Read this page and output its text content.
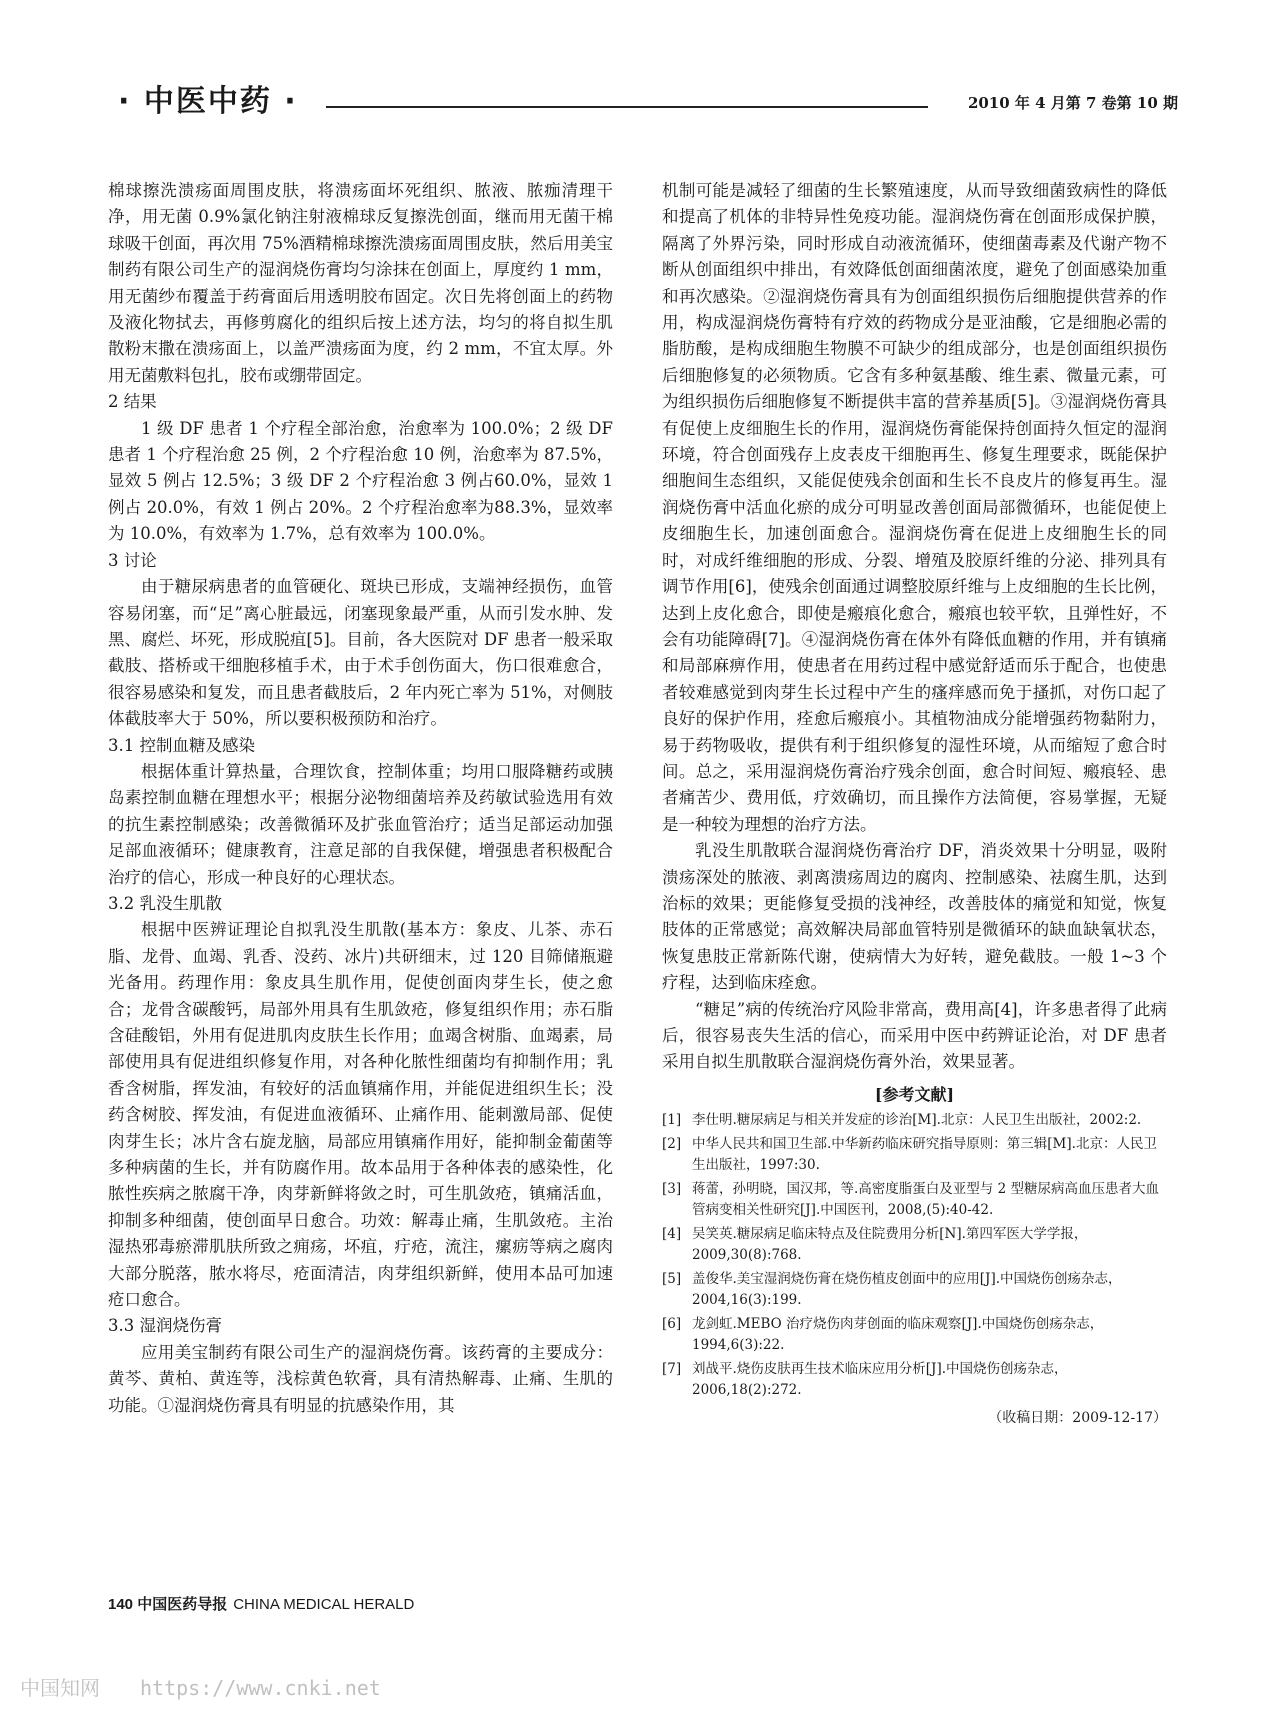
· 中医中药 ·	2010 年 4 月第 7 卷第 10 期

棉球擦洗溃疡面周围皮肤，将溃疡面坏死组织、脓液、脓痂清理干净，用无菌 0.9%氯化钠注射液棉球反复擦洗创面，继而用无菌干棉球吸干创面，再次用 75%酒精棉球擦洗溃疡面周围皮肤，然后用美宝制药有限公司生产的湿润烧伤膏均匀涂抹在创面上，厚度约 1 mm，用无菌纱布覆盖于药膏面后用透明胶布固定。次日先将创面上的药物及液化物拭去，再修剪腐化的组织后按上述方法，均匀的将自拟生肌散粉末撒在溃疡面上，以盖严溃疡面为度，约 2 mm，不宜太厚。外用无菌敷料包扎，胶布或绷带固定。

2 结果

1 级 DF 患者 1 个疗程全部治愈，治愈率为 100.0%；2 级 DF 患者 1 个疗程治愈 25 例，2 个疗程治愈 10 例，治愈率为 87.5%，显效 5 例占 12.5%；3 级 DF 2 个疗程治愈 3 例占60.0%，显效 1 例占 20.0%，有效 1 例占 20%。2 个疗程治愈率为88.3%，显效率为 10.0%，有效率为 1.7%，总有效率为 100.0%。

3 讨论

由于糖尿病患者的血管硬化、斑块已形成，支端神经损伤，血管容易闭塞，而“足”离心脏最远，闭塞现象最严重，从而引发水肿、发黑、腐烂、坏死，形成脱疽[5]。目前，各大医院对 DF 患者一般采取截肢、搭桥或干细胞移植手术，由于术手创伤面大，伤口很难愈合，很容易感染和复发，而且患者截肢后，2 年内死亡率为 51%，对侧肢体截肢率大于 50%，所以要积极预防和治疗。

3.1 控制血糖及感染

根据体重计算热量，合理饮食，控制体重；均用口服降糖药或胰岛素控制血糖在理想水平；根据分泌物细菌培养及药敏试验选用有效的抗生素控制感染；改善微循环及扩张血管治疗；适当足部运动加强足部血液循环；健康教育，注意足部的自我保健，增强患者积极配合治疗的信心，形成一种良好的心理状态。

3.2 乳没生肌散

根据中医辨证理论自拟乳没生肌散(基本方：象皮、儿茶、赤石脂、龙骨、血竭、乳香、没药、冰片)共研细末，过 120 目筛储瓶避光备用。药理作用：象皮具生肌作用，促使创面肉芽生长，使之愈合；龙骨含碳酸钙，局部外用具有生肌敛疮，修复组织作用；赤石脂含硅酸铝，外用有促进肌肉皮肤生长作用；血竭含树脂、血竭素，局部使用具有促进组织修复作用，对各种化脓性细菌均有抑制作用；乳香含树脂，挥发油，有较好的活血镇痛作用，并能促进组织生长；没药含树胶、挥发油，有促进血液循环、止痛作用、能刺激局部、促使肉芽生长；冰片含右旋龙脑，局部应用镇痛作用好，能抑制金葡菌等多种病菌的生长，并有防腐作用。故本品用于各种体表的感染性，化脓性疾病之脓腐干净，肉芽新鲜将敛之时，可生肌敛疮，镇痛活血，抑制多种细菌，使创面早日愈合。功效：解毒止痛，生肌敛疮。主治湿热邪毒瘀滞肌肤所致之痈疡，坏疽，疔疮，流注，瘰疬等病之腐肉大部分脱落，脓水将尽，疮面清洁，肉芽组织新鲜，使用本品可加速疮口愈合。

3.3 湿润烧伤膏

应用美宝制药有限公司生产的湿润烧伤膏。该药膏的主要成分：黄芩、黄柏、黄连等，浅棕黄色软膏，具有清热解毒、止痛、生肌的功能。①湿润烧伤膏具有明显的抗感染作用，其

机制可能是减轻了细菌的生长繁殖速度，从而导致细菌致病性的降低和提高了机体的非特异性免疫功能。湿润烧伤膏在创面形成保护膜，隔离了外界污染，同时形成自动液流循环，使细菌毒素及代谢产物不断从创面组织中排出，有效降低创面细菌浓度，避免了创面感染加重和再次感染。②湿润烧伤膏具有为创面组织损伤后细胞提供营养的作用，构成湿润烧伤膏特有疗效的药物成分是亚油酸，它是细胞必需的脂肪酸，是构成细胞生物膜不可缺少的组成部分，也是创面组织损伤后细胞修复的必须物质。它含有多种氨基酸、维生素、微量元素，可为组织损伤后细胞修复不断提供丰富的营养基质[5]。③湿润烧伤膏具有促使上皮细胞生长的作用，湿润烧伤膏能保持创面持久恒定的湿润环境，符合创面残存上皮表皮干细胞再生、修复生理要求，既能保护细胞间生态组织，又能促使残余创面和生长不良皮片的修复再生。湿润烧伤膏中活血化瘀的成分可明显改善创面局部微循环，也能促使上皮细胞生长，加速创面愈合。湿润烧伤膏在促进上皮细胞生长的同时，对成纤维细胞的形成、分裂、增殖及胶原纤维的分泌、排列具有调节作用[6]，使残余创面通过调整胶原纤维与上皮细胞的生长比例，达到上皮化愈合，即使是瘢痕化愈合，瘢痕也较平软，且弹性好，不会有功能障碍[7]。④湿润烧伤膏在体外有降低血糖的作用，并有镇痛和局部麻痹作用，使患者在用药过程中感觉舒适而乐于配合，也使患者较难感觉到肉芽生长过程中产生的瘙痒感而免于搔抓，对伤口起了良好的保护作用，痊愈后瘢痕小。其植物油成分能增强药物黏附力，易于药物吸收，提供有利于组织修复的湿性环境，从而缩短了愈合时间。总之，采用湿润烧伤膏治疗残余创面，愈合时间短、瘢痕轻、患者痛苦少、费用低，疗效确切，而且操作方法简便，容易掌握，无疑是一种较为理想的治疗方法。

乳没生肌散联合湿润烧伤膏治疗 DF，消炎效果十分明显，吸附溃疡深处的脓液、剥离溃疡周边的腐肉、控制感染、祛腐生肌，达到治标的效果；更能修复受损的浅神经，改善肢体的痛觉和知觉，恢复肢体的正常感觉；高效解决局部血管特别是微循环的缺血缺氧状态，恢复患肢正常新陈代谢，使病情大为好转，避免截肢。一般 1~3 个疗程，达到临床痊愈。

“糖足”病的传统治疗风险非常高，费用高[4]，许多患者得了此病后，很容易丧失生活的信心，而采用中医中药辨证论治，对 DF 患者采用自拟生肌散联合湿润烧伤膏外治，效果显著。

[参考文献]
[1] 李仕明.糖尿病足与相关并发症的诊治[M].北京：人民卫生出版社，2002:2.
[2] 中华人民共和国卫生部.中华新药临床研究指导原则：第三辑[M].北京：人民卫生出版社，1997:30.
[3] 蒋蕾，孙明晓，国汉邦，等.高密度脂蛋白及亚型与 2 型糖尿病高血压患者大血管病变相关性研究[J].中国医刊，2008,(5):40-42.
[4] 吴笑英.糖尿病足临床特点及住院费用分析[N].第四军医大学学报，2009,30(8):768.
[5] 盖俊华.美宝湿润烧伤膏在烧伤植皮创面中的应用[J].中国烧伤创疡杂志，2004,16(3):199.
[6] 龙剑虹.MEBO 治疗烧伤肉芽创面的临床观察[J].中国烧伤创疡杂志，1994,6(3):22.
[7] 刘战平.烧伤皮肤再生技术临床应用分析[J].中国烧伤创疡杂志，2006,18(2):272.
（收稿日期：2009-12-17）
140 中国医药导报 CHINA MEDICAL HERALD
中国知网 https://www.cnki.net
